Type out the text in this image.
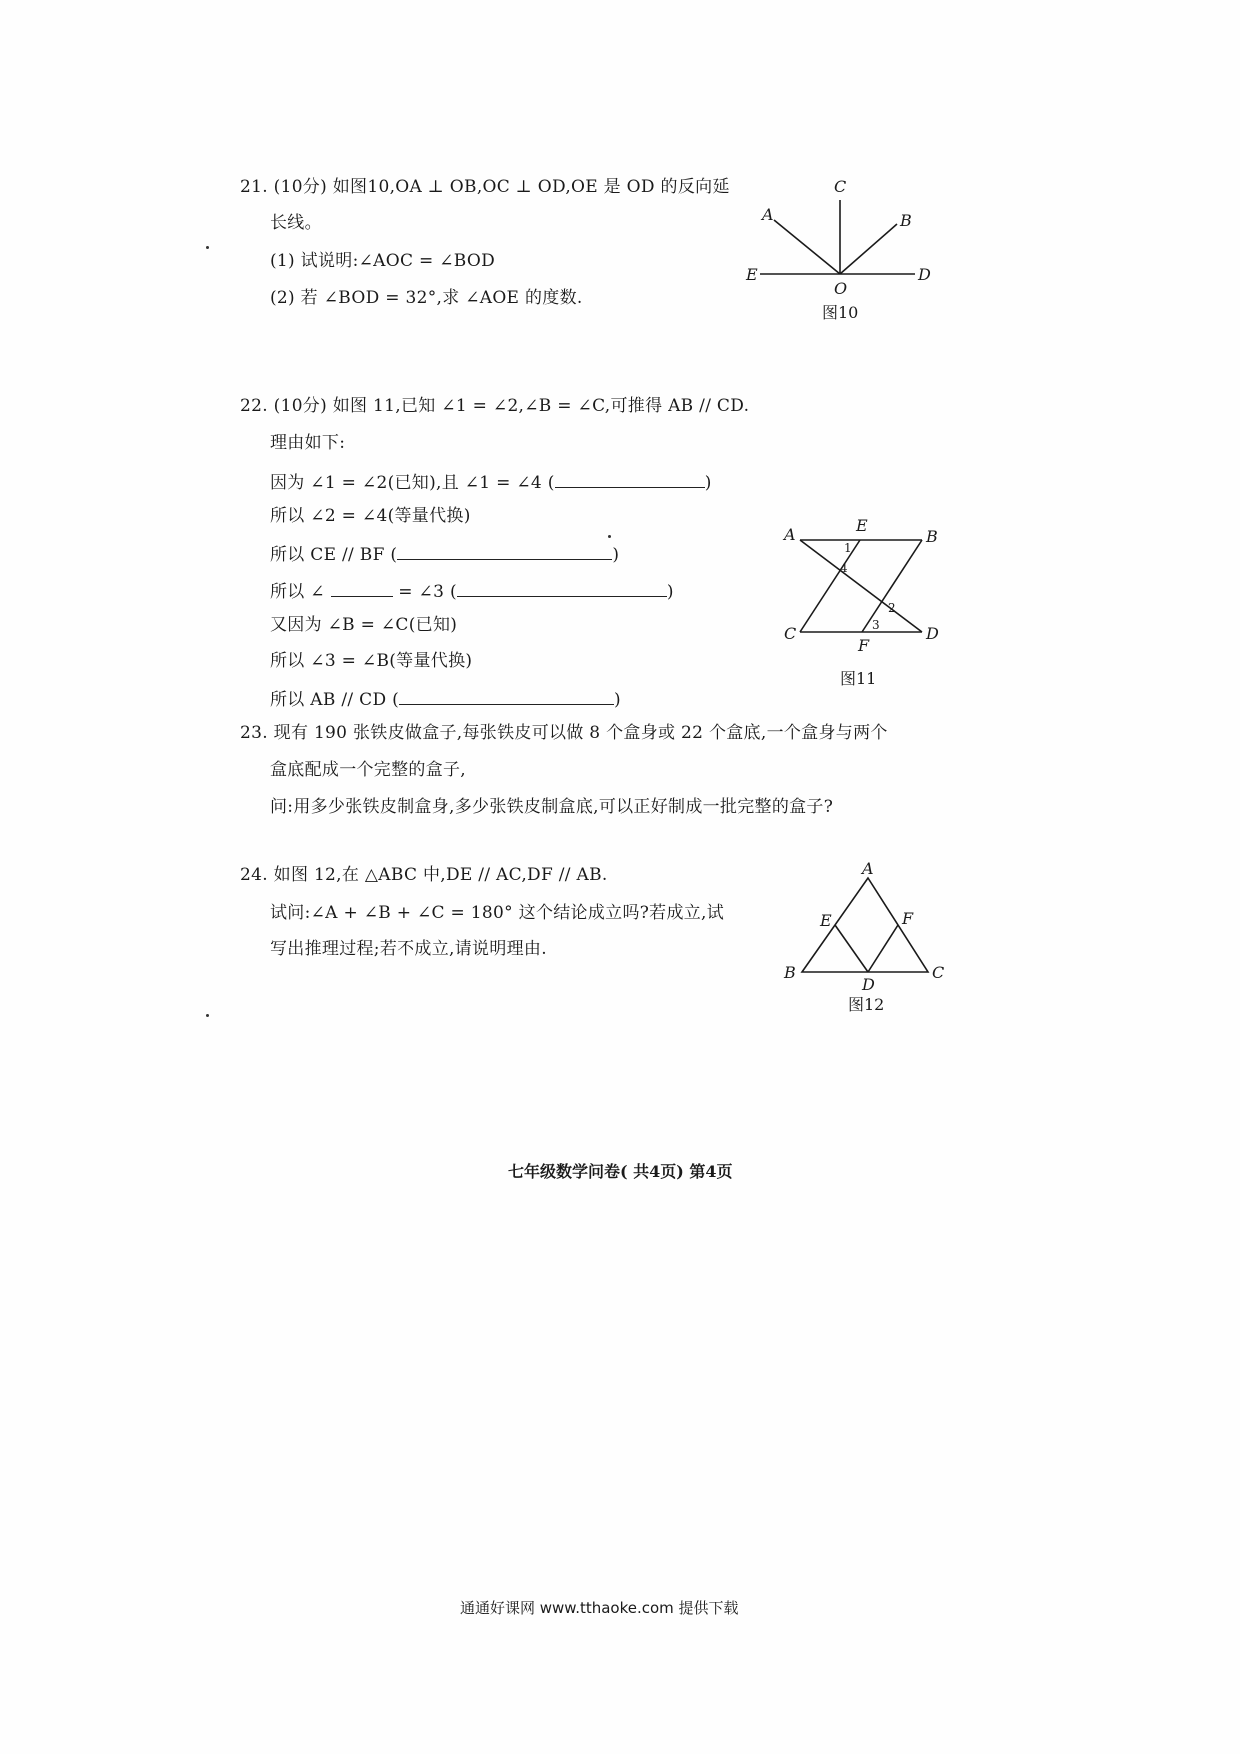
21. (10分) 如图10,OA ⊥ OB,OC ⊥ OD,OE 是 OD 的反向延
长线。
(1) 试说明:∠AOC = ∠BOD
(2) 若 ∠BOD = 32°,求 ∠AOE 的度数.
C
A	B
E	D
O
图10
22. (10分) 如图 11,已知 ∠1 = ∠2,∠B = ∠C,可推得 AB // CD.
理由如下:
因为 ∠1 = ∠2(已知),且 ∠1 = ∠4 (	)
所以 ∠2 = ∠4(等量代换)
所以 CE // BF (	)
所以 ∠	= ∠3 (	)
又因为 ∠B = ∠C(已知)
所以 ∠3 = ∠B(等量代换)
所以 AB // CD (	)
A	B
E
C	D
F
1
4
2
3
图11
23. 现有 190 张铁皮做盒子,每张铁皮可以做 8 个盒身或 22 个盒底,一个盒身与两个
盒底配成一个完整的盒子,
问:用多少张铁皮制盒身,多少张铁皮制盒底,可以正好制成一批完整的盒子?
24. 如图 12,在 △ABC 中,DE // AC,DF // AB.
试问:∠A + ∠B + ∠C = 180° 这个结论成立吗?若成立,试
写出推理过程;若不成立,请说明理由.
A
B	C
D
E	F
图12
七年级数学问卷( 共4页) 第4页
通通好课网 www.tthaoke.com 提供下载
